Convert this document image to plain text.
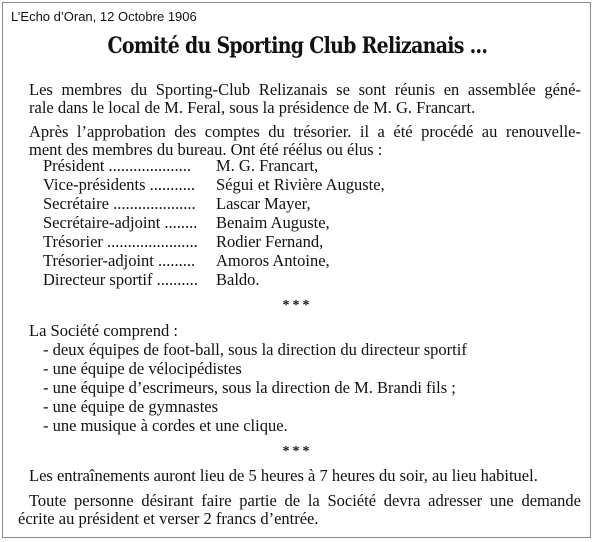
L’Echo d’Oran, 12 Octobre 1906
Comité du Sporting Club Relizanais ...
Les membres du Sporting-Club Relizanais se sont réunis en assemblée géné-
rale dans le local de M. Feral, sous la présidence de M. G. Francart.
Après l’approbation des comptes du trésorier. il a été procédé au renouvelle-
ment des membres du bureau. Ont été réélus ou élus :
Président .................... M. G. Francart,
Vice-présidents ........... Ségui et Rivière Auguste,
Secrétaire .................... Lascar Mayer,
Secrétaire-adjoint ........ Benaim Auguste,
Trésorier ...................... Rodier Fernand,
Trésorier-adjoint ......... Amoros Antoine,
Directeur sportif .......... Baldo.
***
La Société comprend :
- deux équipes de foot-ball, sous la direction du directeur sportif
- une équipe de vélocipédistes
- une équipe d’escrimeurs, sous la direction de M. Brandi fils ;
- une équipe de gymnastes
- une musique à cordes et une clique.
***
Les entraînements auront lieu de 5 heures à 7 heures du soir, au lieu habituel.
Toute personne désirant faire partie de la Société devra adresser une demande
écrite au président et verser 2 francs d’entrée.
